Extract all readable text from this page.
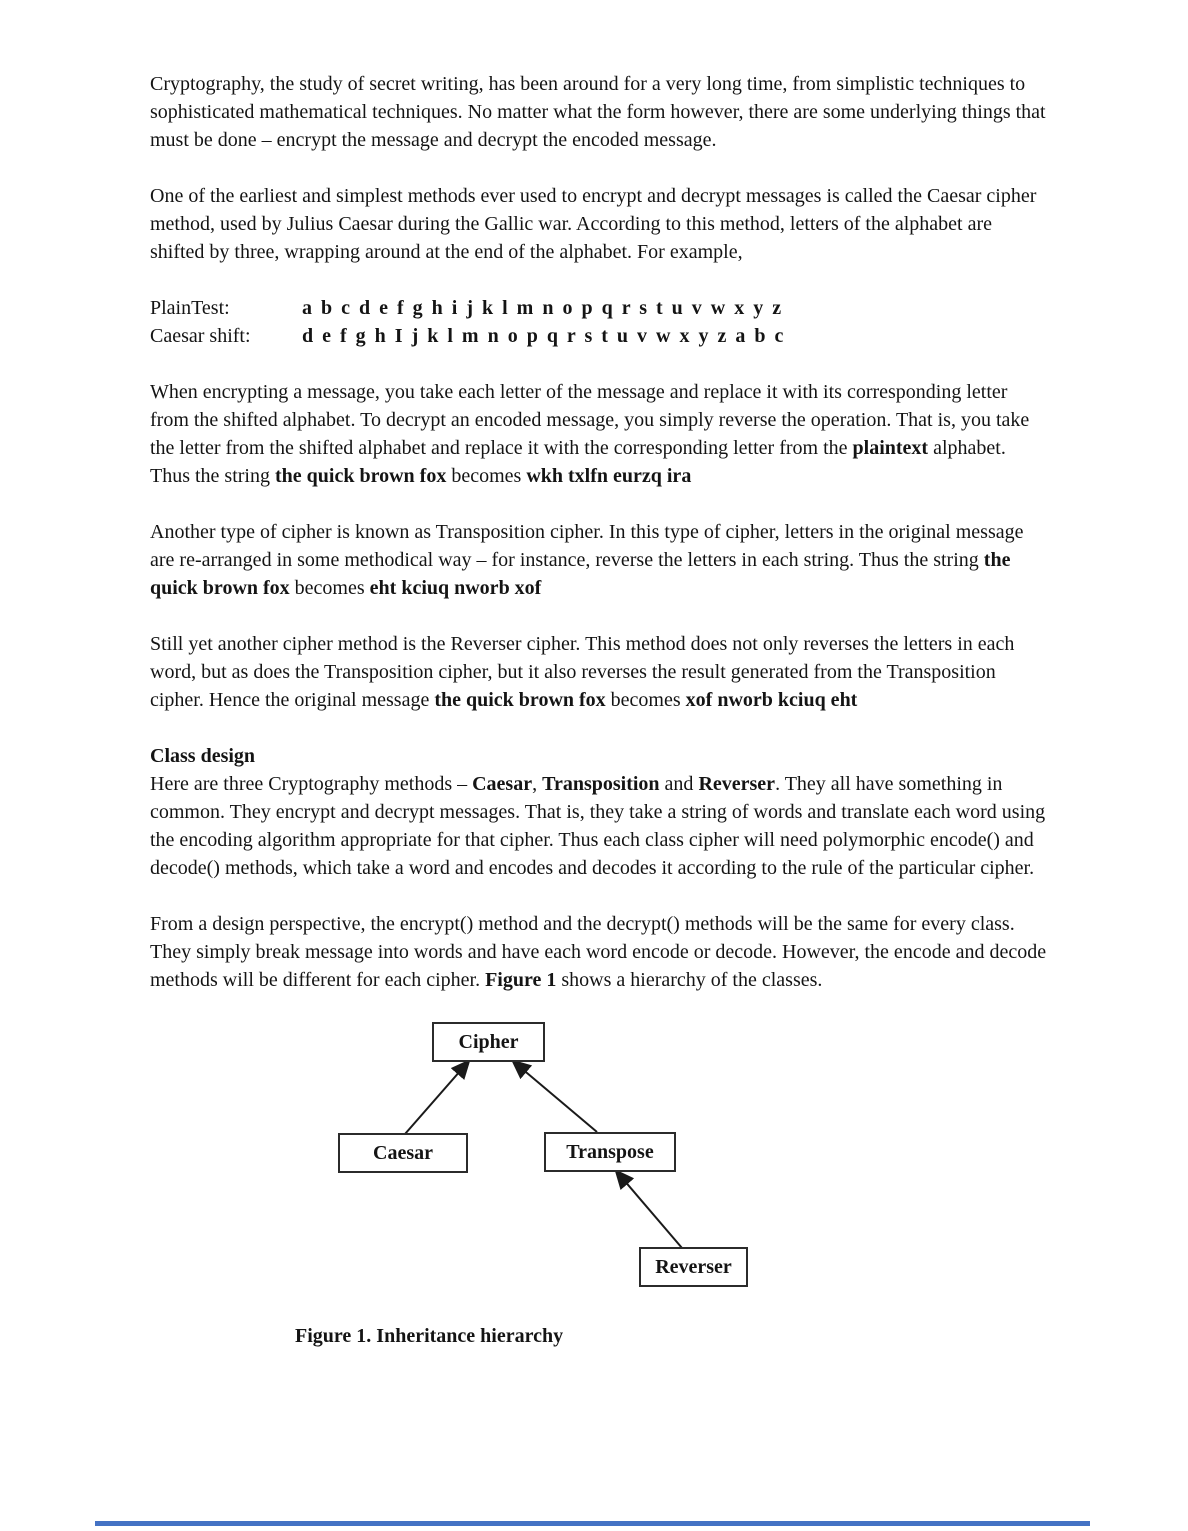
Cryptography, the study of secret writing, has been around for a very long time, from simplistic techniques to sophisticated mathematical techniques. No matter what the form however, there are some underlying things that must be done – encrypt the message and decrypt the encoded message.

One of the earliest and simplest methods ever used to encrypt and decrypt messages is called the Caesar cipher method, used by Julius Caesar during the Gallic war. According to this method, letters of the alphabet are shifted by three, wrapping around at the end of the alphabet. For example,

PlainTest:	a b c d e f g h i j k l m n o p q r s t u v w x y z
Caesar shift:	d e f g h I j k l m n o p q r s t u v w x y z a b c

When encrypting a message, you take each letter of the message and replace it with its corresponding letter from the shifted alphabet. To decrypt an encoded message, you simply reverse the operation. That is, you take the letter from the shifted alphabet and replace it with the corresponding letter from the plaintext alphabet. Thus the string the quick brown fox becomes wkh txlfn eurzq ira

Another type of cipher is known as Transposition cipher. In this type of cipher, letters in the original message are re-arranged in some methodical way – for instance, reverse the letters in each string. Thus the string the quick brown fox becomes eht kciuq nworb xof

Still yet another cipher method is the Reverser cipher. This method does not only reverses the letters in each word, but as does the Transposition cipher, but it also reverses the result generated from the Transposition cipher. Hence the original message the quick brown fox becomes xof nworb kciuq eht

Class design

Here are three Cryptography methods – Caesar, Transposition and Reverser. They all have something in common. They encrypt and decrypt messages. That is, they take a string of words and translate each word using the encoding algorithm appropriate for that cipher. Thus each class cipher will need polymorphic encode() and decode() methods, which take a word and encodes and decodes it according to the rule of the particular cipher.

From a design perspective, the encrypt() method and the decrypt() methods will be the same for every class. They simply break message into words and have each word encode or decode. However, the encode and decode methods will be different for each cipher. Figure 1 shows a hierarchy of the classes.

Cipher
Caesar	Transpose
Reverser

Figure 1. Inheritance hierarchy
